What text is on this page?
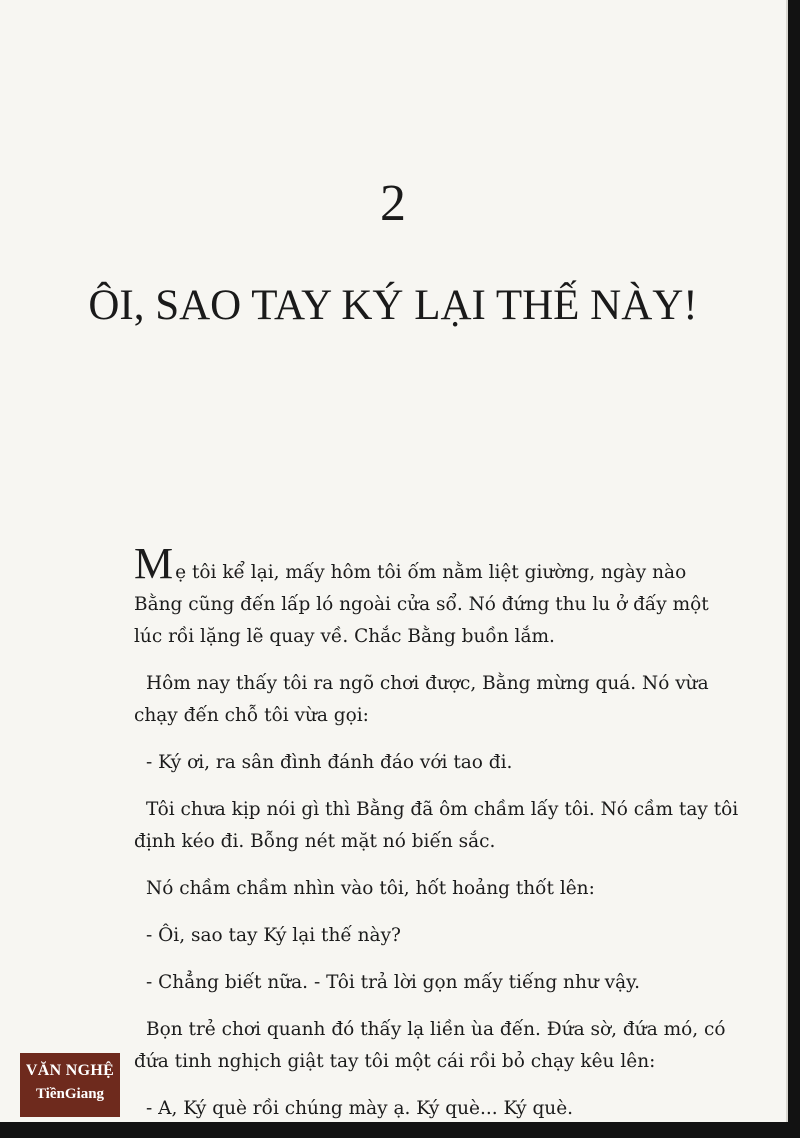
2
ÔI, SAO TAY KÝ LẠI THẾ NÀY!

Mẹ tôi kể lại, mấy hôm tôi ốm nằm liệt giường, ngày nào Bằng cũng đến lấp ló ngoài cửa sổ. Nó đứng thu lu ở đấy một lúc rồi lặng lẽ quay về. Chắc Bằng buồn lắm.

Hôm nay thấy tôi ra ngõ chơi được, Bằng mừng quá. Nó vừa chạy đến chỗ tôi vừa gọi:

- Ký ơi, ra sân đình đánh đáo với tao đi.

Tôi chưa kịp nói gì thì Bằng đã ôm chầm lấy tôi. Nó cầm tay tôi định kéo đi. Bỗng nét mặt nó biến sắc.

Nó chầm chầm nhìn vào tôi, hốt hoảng thốt lên:

- Ôi, sao tay Ký lại thế này?

- Chẳng biết nữa. - Tôi trả lời gọn mấy tiếng như vậy.

Bọn trẻ chơi quanh đó thấy lạ liền ùa đến. Đứa sờ, đứa mó, có đứa tinh nghịch giật tay tôi một cái rồi bỏ chạy kêu lên:

- A, Ký què rồi chúng mày ạ. Ký què... Ký què.

VĂN NGHỆ
TiềnGiang
